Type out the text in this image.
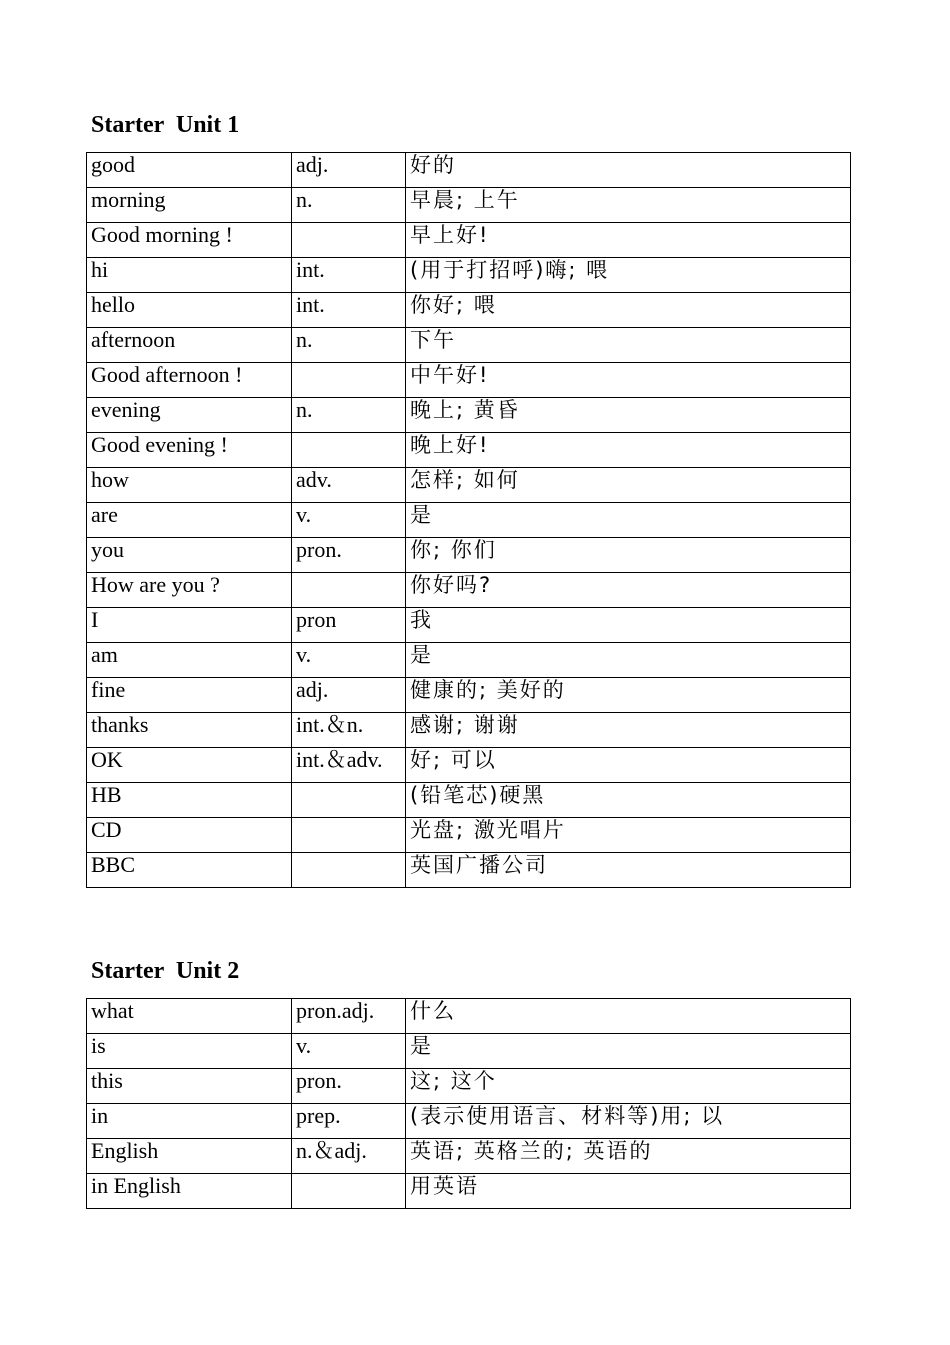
Starter  Unit 1
good	adj.	好的
morning	n.	早晨; 上午
Good morning !		早上好!
hi	int.	(用于打招呼)嗨; 喂
hello	int.	你好; 喂
afternoon	n.	下午
Good afternoon !		中午好!
evening	n.	晚上; 黄昏
Good evening !		晚上好!
how	adv.	怎样; 如何
are	v.	是
you	pron.	你; 你们
How are you ?		你好吗?
I	pron	我
am	v.	是
fine	adj.	健康的; 美好的
thanks	int.＆n.	感谢; 谢谢
OK	int.＆adv.	好; 可以
HB		(铅笔芯)硬黑
CD		光盘; 激光唱片
BBC		英国广播公司
Starter  Unit 2
what	pron.adj.	什么
is	v.	是
this	pron.	这; 这个
in	prep.	(表示使用语言、材料等)用; 以
English	n.＆adj.	英语; 英格兰的; 英语的
in English		用英语
